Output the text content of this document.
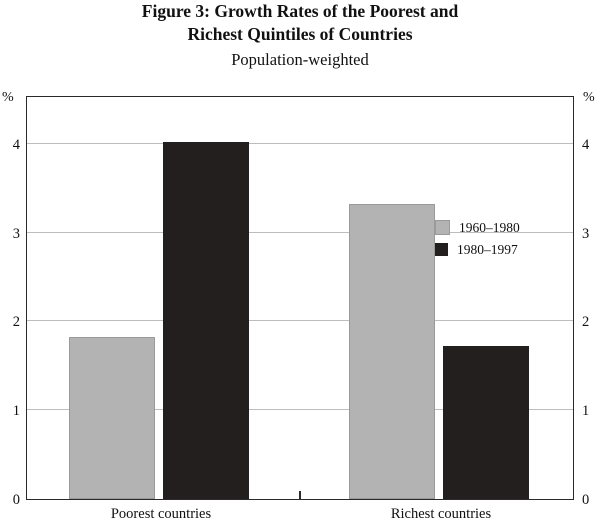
Figure 3: Growth Rates of the Poorest and
Richest Quintiles of Countries
Population-weighted
%	%
0
1
2
3
4
0
1
2
3
4
1960–1980
1980–1997
Poorest countries	Richest countries
